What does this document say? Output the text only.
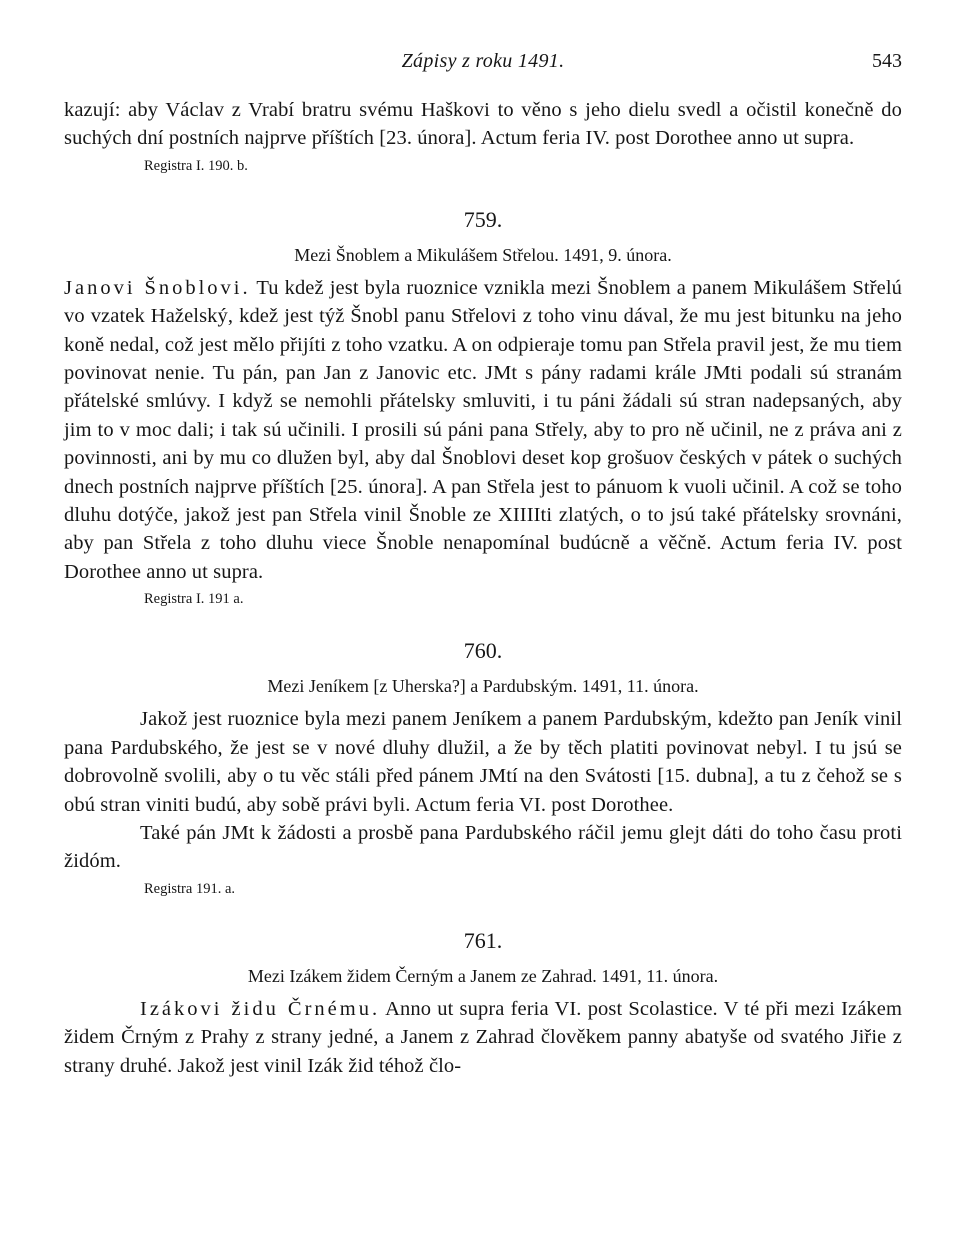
Zápisy z roku 1491.	543

kazují: aby Václav z Vrabí bratru svému Haškovi to věno s jeho dielu svedl a očistil konečně do suchých dní postních najprve příštích [23. února]. Actum feria IV. post Dorothee anno ut supra.

Registra I. 190. b.
759.
Mezi Šnoblem a Mikulášem Střelou. 1491, 9. února.

Janovi Šnoblovi. Tu kdež jest byla ruoznice vznikla mezi Šnoblem a panem Mikulášem Střelú vo vzatek Haželský, kdež jest týž Šnobl panu Střelovi z toho vinu dával, že mu jest bitunku na jeho koně nedal, což jest mělo přijíti z toho vzatku. A on odpieraje tomu pan Střela pravil jest, že mu tiem povinovat nenie. Tu pán, pan Jan z Janovic etc. JMt s pány radami krále JMti podali sú stranám přátelské smlúvy. I když se nemohli přátelsky smluviti, i tu páni žádali sú stran nadepsaných, aby jim to v moc dali; i tak sú učinili. I prosili sú páni pana Střely, aby to pro ně učinil, ne z práva ani z povinnosti, ani by mu co dlužen byl, aby dal Šnoblovi deset kop grošuov českých v pátek o suchých dnech postních najprve příštích [25. února]. A pan Střela jest to pánuom k vuoli učinil. A což se toho dluhu dotýče, jakož jest pan Střela vinil Šnoble ze XIIIIti zlatých, o to jsú také přátelsky srovnáni, aby pan Střela z toho dluhu viece Šnoble nenapomínal budúcně a věčně. Actum feria IV. post Dorothee anno ut supra.

Registra I. 191 a.
760.
Mezi Jeníkem [z Uherska?] a Pardubským. 1491, 11. února.

Jakož jest ruoznice byla mezi panem Jeníkem a panem Pardubským, kdežto pan Jeník vinil pana Pardubského, že jest se v nové dluhy dlužil, a že by těch platiti povinovat nebyl. I tu jsú se dobrovolně svolili, aby o tu věc stáli před pánem JMtí na den Svátosti [15. dubna], a tu z čehož se s obú stran viniti budú, aby sobě právi byli. Actum feria VI. post Dorothee.

Také pán JMt k žádosti a prosbě pana Pardubského ráčil jemu glejt dáti do toho času proti židóm.

Registra 191. a.
761.
Mezi Izákem židem Černým a Janem ze Zahrad. 1491, 11. února.

Izákovi židu Črnému. Anno ut supra feria VI. post Scolastice. V té při mezi Izákem židem Črným z Prahy z strany jedné, a Janem z Zahrad člověkem panny abatyše od svatého Jiřie z strany druhé. Jakož jest vinil Izák žid téhož člo-
